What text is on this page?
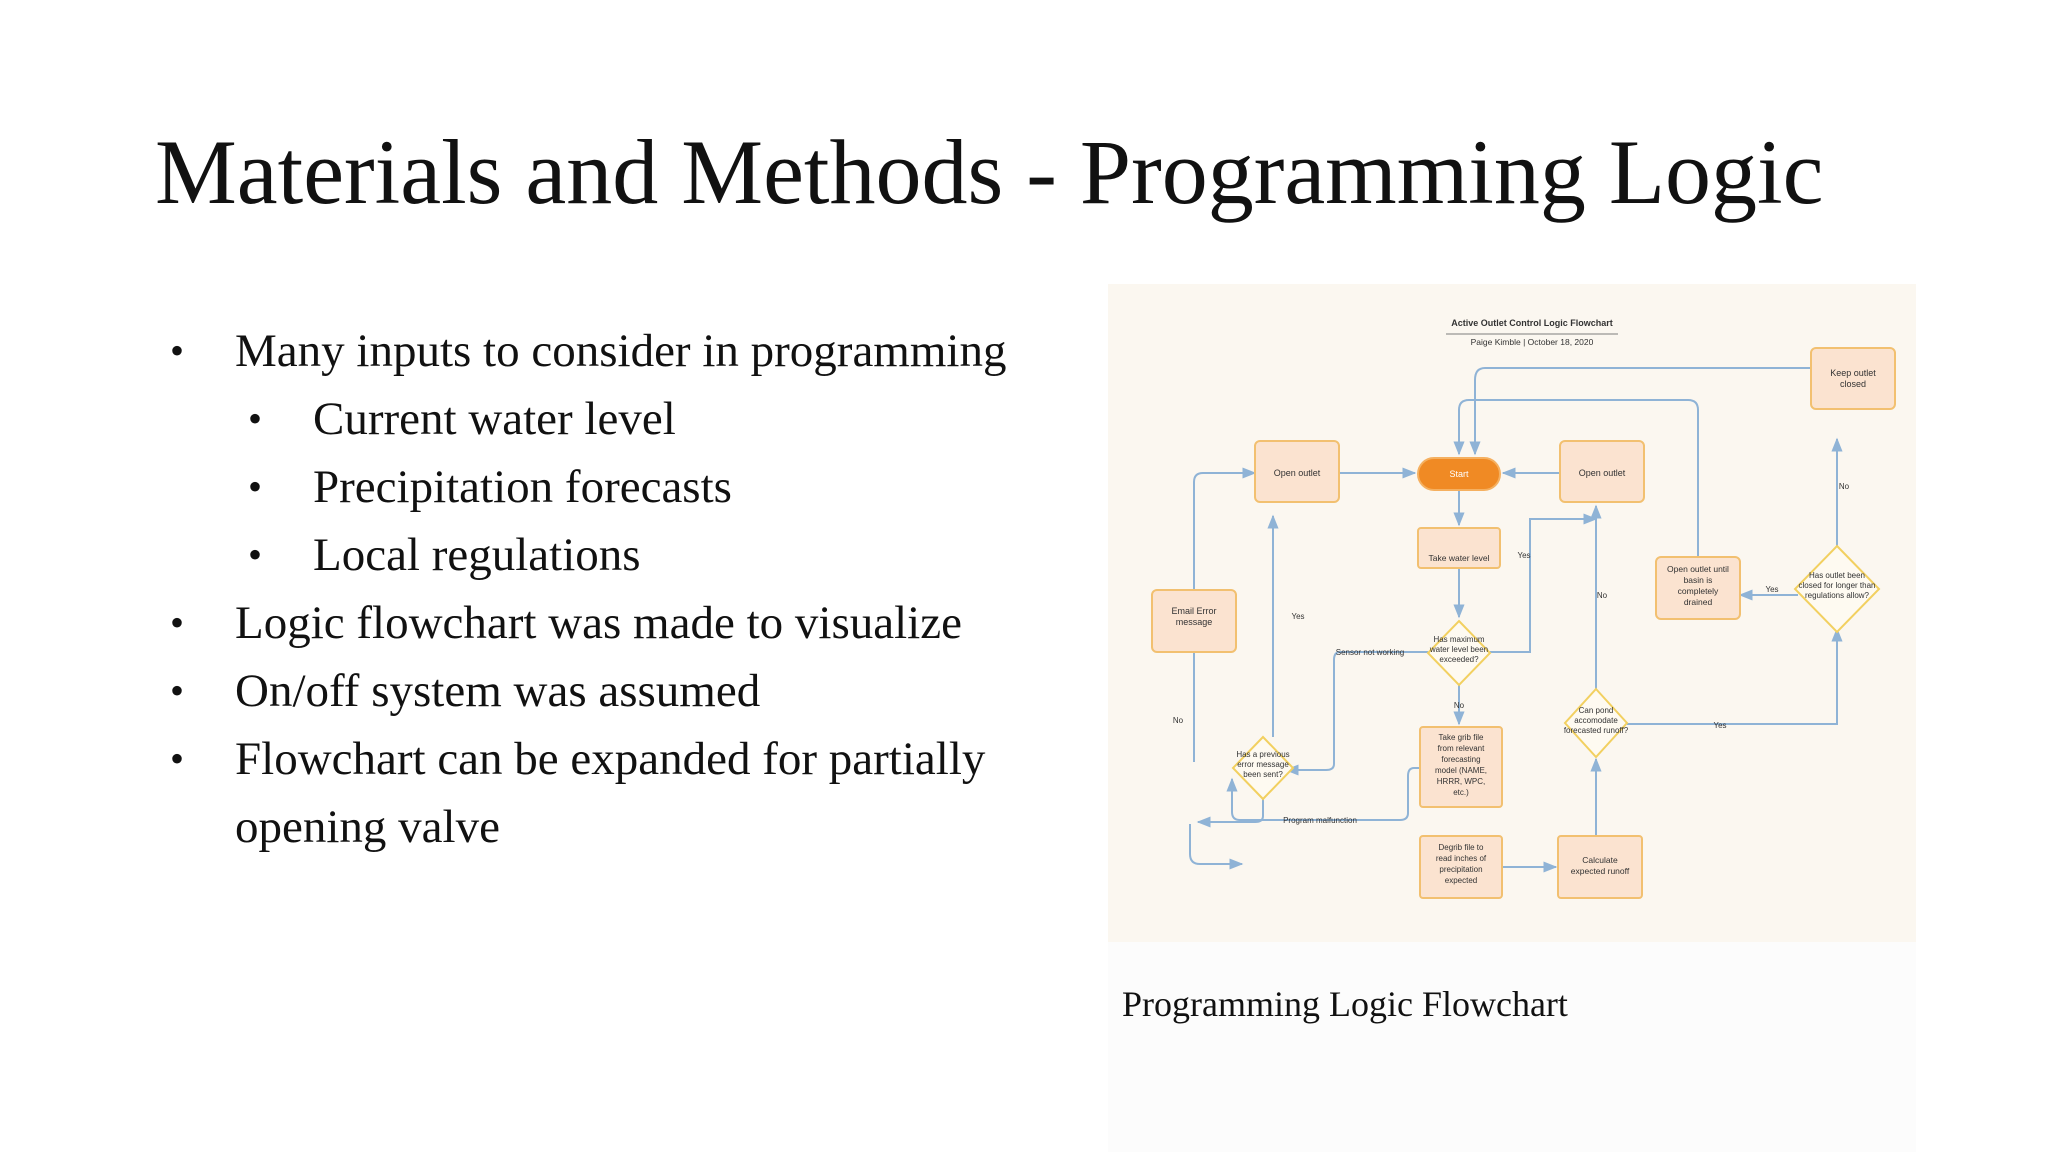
Materials and Methods - Programming Logic
• Many inputs to consider in programming
• Current water level
• Precipitation forecasts
• Local regulations
• Logic flowchart was made to visualize
• On/off system was assumed
• Flowchart can be expanded for partially opening valve
Active Outlet Control Logic Flowchart
Paige Kimble | October 18, 2020
Keep outlet closed
Open outlet	Start	Open outlet
Take water level
Open outlet until basin is completely drained
Has outlet been closed for longer than regulations allow?
Email Error message
Has maximum water level been exceeded?
Has a previous error message been sent?
Take grib file from relevant forecasting model (NAME, HRRR, WPC, etc.)
Can pond accomodate forecasted runoff?
Degrib file to read inches of precipitation expected
Calculate expected runoff
Yes
No
No
Yes
No
Yes
Yes
No
Sensor not working
Program malfunction
Programming Logic Flowchart
